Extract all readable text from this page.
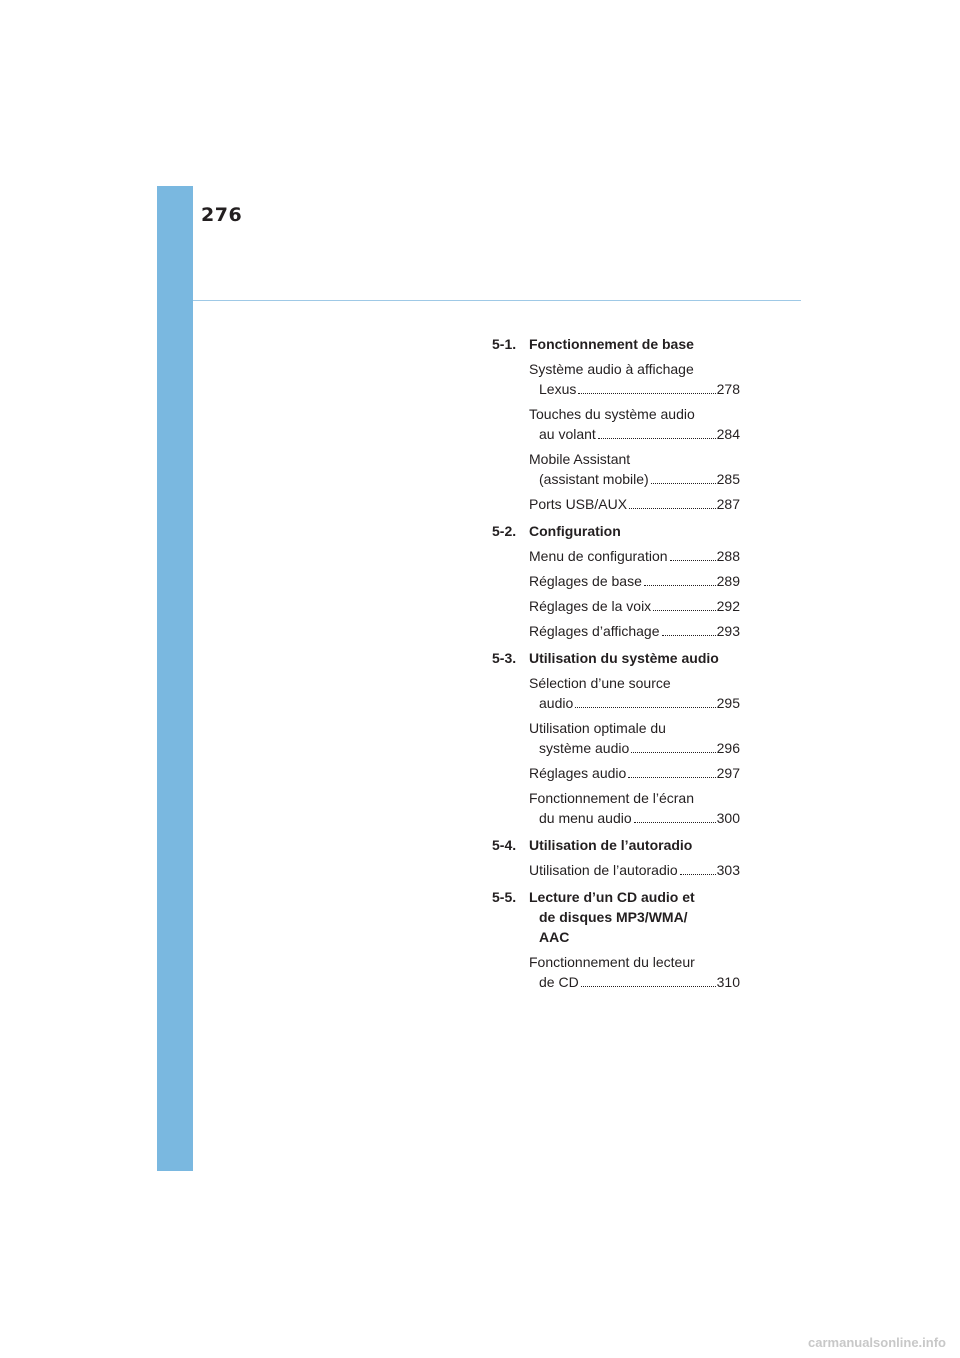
276
5-1. Fonctionnement de base
Système audio à affichage
Lexus	278
Touches du système audio
au volant	284
Mobile Assistant
(assistant mobile)	285
Ports USB/AUX	287
5-2. Configuration
Menu de configuration	288
Réglages de base	289
Réglages de la voix	292
Réglages d’affichage	293
5-3. Utilisation du système audio
Sélection d’une source
audio	295
Utilisation optimale du
système audio	296
Réglages audio	297
Fonctionnement de l’écran
du menu audio	300
5-4. Utilisation de l’autoradio
Utilisation de l’autoradio	303
5-5. Lecture d’un CD audio et
de disques MP3/WMA/
AAC
Fonctionnement du lecteur
de CD	310
carmanualsonline.info
